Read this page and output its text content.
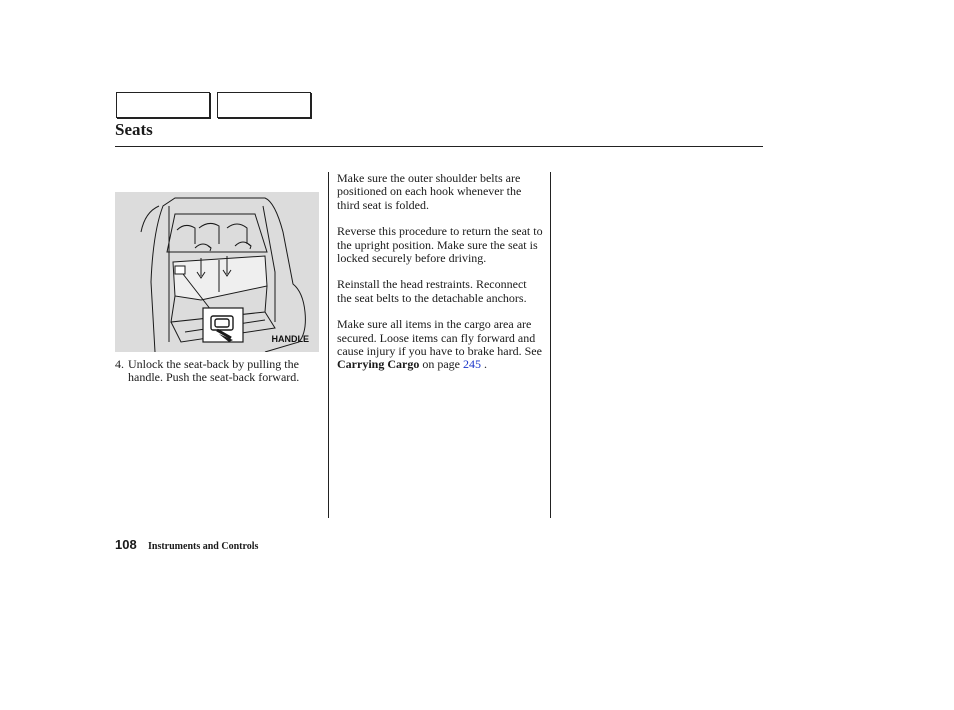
Seats
HANDLE
4. Unlock the seat-back by pulling the handle. Push the seat-back forward.

Make sure the outer shoulder belts are positioned on each hook whenever the third seat is folded.

Reverse this procedure to return the seat to the upright position. Make sure the seat is locked securely before driving.

Reinstall the head restraints. Reconnect the seat belts to the detachable anchors.

Make sure all items in the cargo area are secured. Loose items can fly forward and cause injury if you have to brake hard. See Carrying Cargo on page 245 .

108 Instruments and Controls
